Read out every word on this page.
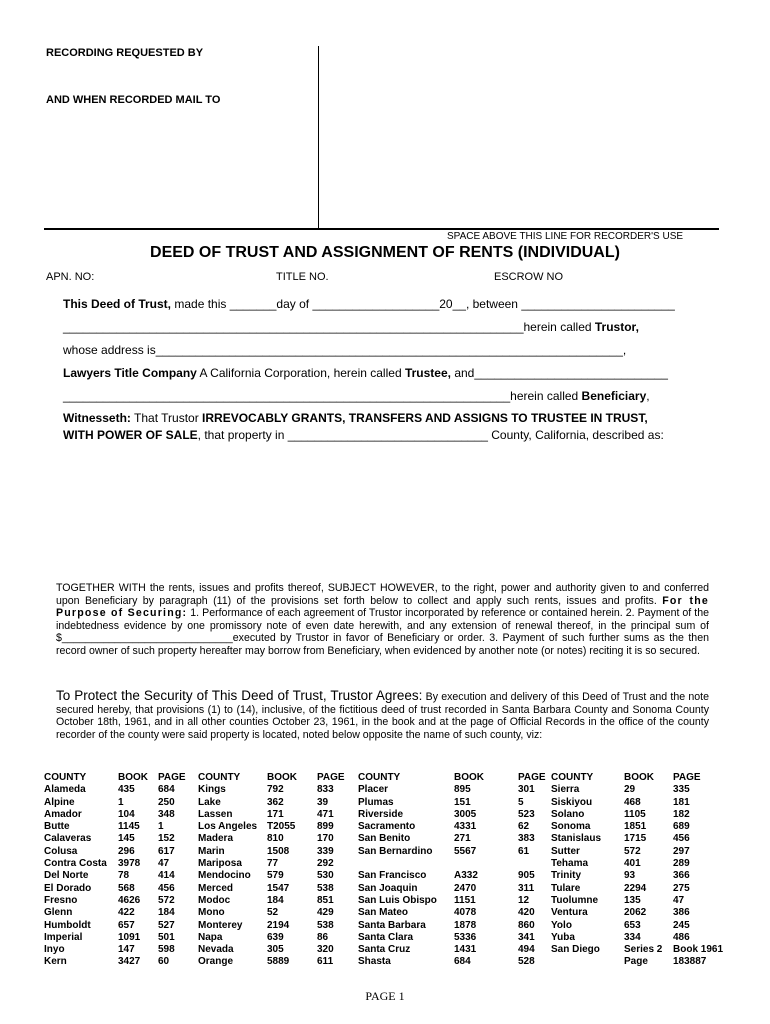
RECORDING REQUESTED BY
AND WHEN RECORDED MAIL TO
SPACE ABOVE THIS LINE FOR RECORDER'S USE
DEED OF TRUST AND ASSIGNMENT OF RENTS (INDIVIDUAL)
APN. NO:	TITLE NO.	ESCROW NO
This Deed of Trust, made this _______day of ___________________20__, between _______________________
_____________________________________________________________________herein called Trustor,
whose address is______________________________________________________________________,
Lawyers Title Company A California Corporation, herein called Trustee, and_____________________________
___________________________________________________________________herein called Beneficiary,
Witnesseth: That Trustor IRREVOCABLY GRANTS, TRANSFERS AND ASSIGNS TO TRUSTEE IN TRUST,
WITH POWER OF SALE, that property in ______________________________ County, California, described as:
TOGETHER WITH the rents, issues and profits thereof, SUBJECT HOWEVER, to the right, power and authority given to and conferred upon Beneficiary by paragraph (11) of the provisions set forth below to collect and apply such rents, issues and profits. For the Purpose of Securing: 1. Performance of each agreement of Trustor incorporated by reference or contained herein. 2. Payment of the indebtedness evidence by one promissory note of even date herewith, and any extension of renewal thereof, in the principal sum of $_____________________________executed by Trustor in favor of Beneficiary or order. 3. Payment of such further sums as the then record owner of such property hereafter may borrow from Beneficiary, when evidenced by another note (or notes) reciting it is so secured.
To Protect the Security of This Deed of Trust, Trustor Agrees: By execution and delivery of this Deed of Trust and the note secured hereby, that provisions (1) to (14), inclusive, of the fictitious deed of trust recorded in Santa Barbara County and Sonoma County October 18th, 1961, and in all other counties October 23, 1961, in the book and at the page of Official Records in the office of the county recorder of the county were said property is located, noted below opposite the name of such county, viz:
COUNTY	BOOK	PAGE	COUNTY	BOOK	PAGE	COUNTY	BOOK	PAGE	COUNTY	BOOK	PAGE
Alameda	435	684	Kings	792	833	Placer	895	301	Sierra	29	335
Alpine	1	250	Lake	362	39	Plumas	151	5	Siskiyou	468	181
Amador	104	348	Lassen	171	471	Riverside	3005	523	Solano	1105	182
Butte	1145	1	Los Angeles	T2055	899	Sacramento	4331	62	Sonoma	1851	689
Calaveras	145	152	Madera	810	170	San Benito	271	383	Stanislaus	1715	456
Colusa	296	617	Marin	1508	339	San Bernardino	5567	61	Sutter	572	297
Contra Costa	3978	47	Mariposa	77	292				Tehama	401	289
Del Norte	78	414	Mendocino	579	530	San Francisco	A332	905	Trinity	93	366
El Dorado	568	456	Merced	1547	538	San Joaquin	2470	311	Tulare	2294	275
Fresno	4626	572	Modoc	184	851	San Luis Obispo	1151	12	Tuolumne	135	47
Glenn	422	184	Mono	52	429	San Mateo	4078	420	Ventura	2062	386
Humboldt	657	527	Monterey	2194	538	Santa Barbara	1878	860	Yolo	653	245
Imperial	1091	501	Napa	639	86	Santa Clara	5336	341	Yuba	334	486
Inyo	147	598	Nevada	305	320	Santa Cruz	1431	494	San Diego	Series 2	Book 1961
Kern	3427	60	Orange	5889	611	Shasta	684	528		Page	183887
PAGE 1
